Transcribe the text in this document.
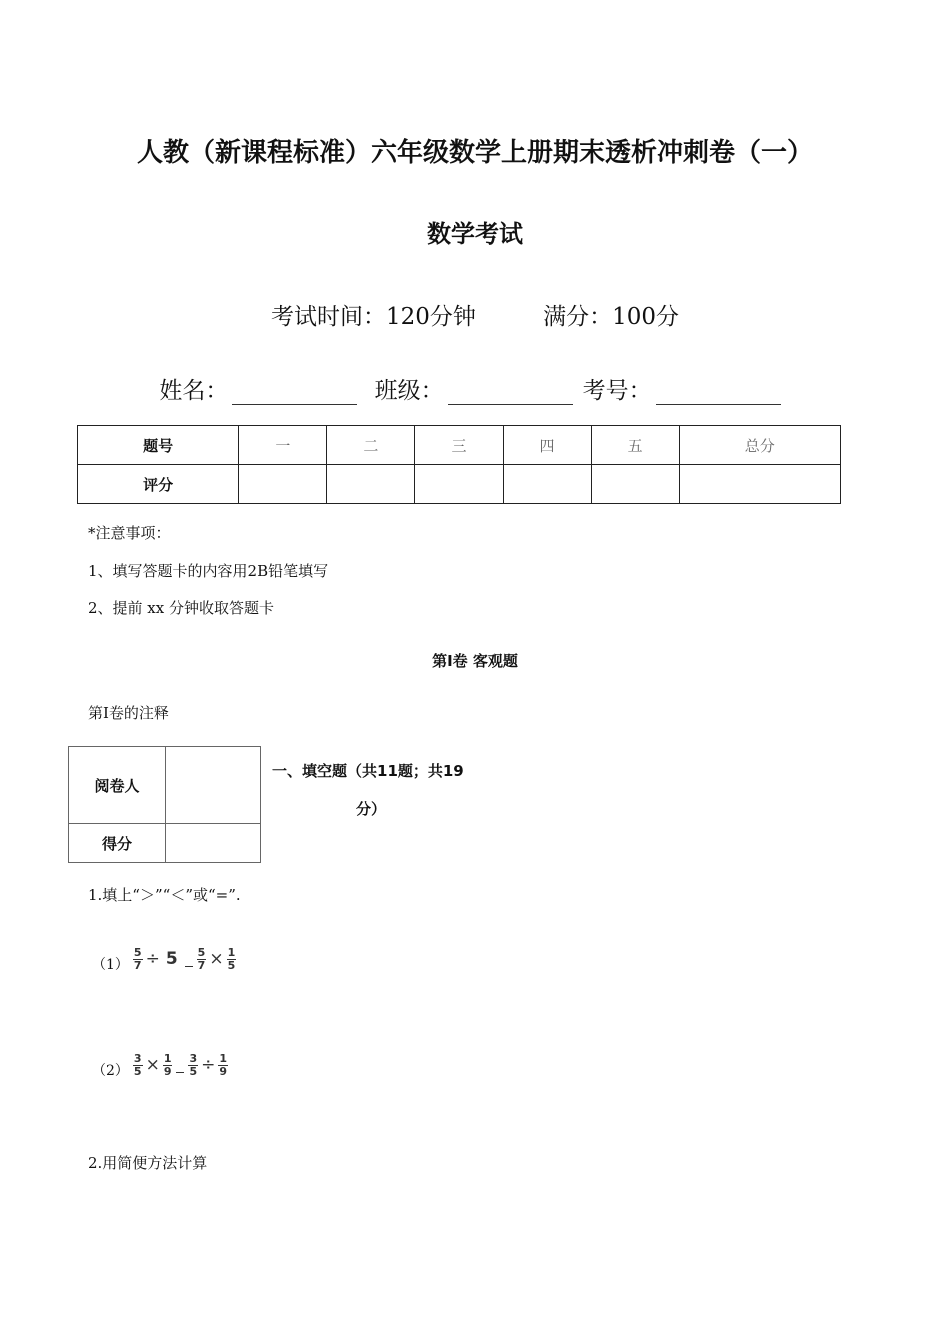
人教（新课程标准）六年级数学上册期末透析冲刺卷（一）
数学考试
考试时间：120分钟	满分：100分
姓名：	班级：	考号：
题号	一	二	三	四	五	总分
评分						
*注意事项：
1、填写答题卡的内容用2B铅笔填写
2、提前 xx 分钟收取答题卡
第Ⅰ卷 客观题
第Ⅰ卷的注释
阅卷人	
得分	
一、填空题（共11题；共19
分）
1.填上“＞”“＜”或“=”.
$(1) \frac{5}{7} \div 5 \frac{5}{7} \times \frac{1}{5}$
$(2) \frac{3}{5} \times \frac{1}{9} \frac{3}{5} \div \frac{1}{9}$
2.用简便方法计算
